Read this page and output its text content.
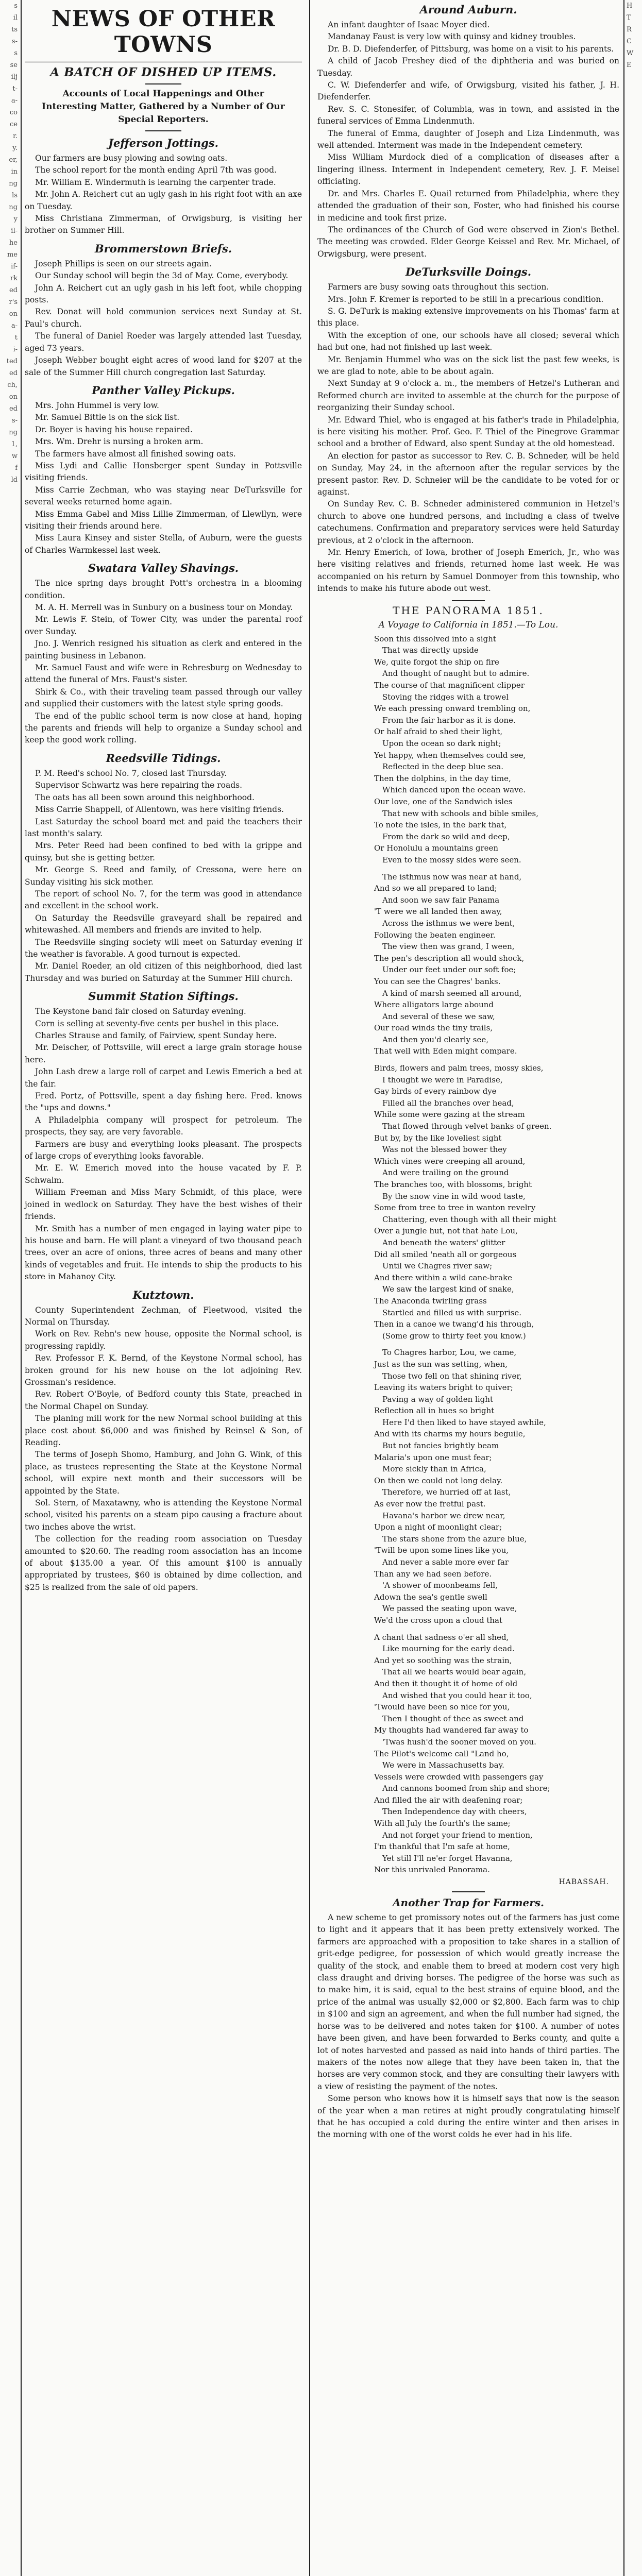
s
il
ts
s-
s
se
ilj
t-
a-
co
ce
r.
y.
er,
in
ng
ls
ng
y
il-
he
me
if-
rk
ed
r's
on
a-
t
i-
ted
ed
ch,
on
ed
s-
ng
1,
w
f
ld
NEWS OF OTHER TOWNS
A BATCH OF DISHED UP ITEMS.
Accounts of Local Happenings and Other Interesting Matter, Gathered by a Number of Our Special Reporters.
Jefferson Jottings.

Our farmers are busy plowing and sowing oats.

The school report for the month ending April 7th was good.

Mr. William E. Windermuth is learning the carpenter trade.

Mr. John A. Reichert cut an ugly gash in his right foot with an axe on Tuesday.

Miss Christiana Zimmerman, of Orwigsburg, is visiting her brother on Summer Hill.

Brommerstown Briefs.

Joseph Phillips is seen on our streets again.

Our Sunday school will begin the 3d of May. Come, everybody.

John A. Reichert cut an ugly gash in his left foot, while chopping posts.

Rev. Donat will hold communion services next Sunday at St. Paul's church.

The funeral of Daniel Roeder was largely attended last Tuesday, aged 73 years.

Joseph Webber bought eight acres of wood land for $207 at the sale of the Summer Hill church congregation last Saturday.

Panther Valley Pickups.

Mrs. John Hummel is very low.

Mr. Samuel Bittle is on the sick list.

Dr. Boyer is having his house repaired.

Mrs. Wm. Drehr is nursing a broken arm.

The farmers have almost all finished sowing oats.

Miss Lydi and Callie Honsberger spent Sunday in Pottsville visiting friends.

Miss Carrie Zechman, who was staying near DeTurksville for several weeks returned home again.

Miss Emma Gabel and Miss Lillie Zimmerman, of Llewllyn, were visiting their friends around here.

Miss Laura Kinsey and sister Stella, of Auburn, were the guests of Charles Warmkessel last week.

Swatara Valley Shavings.

The nice spring days brought Pott's orchestra in a blooming condition.

M. A. H. Merrell was in Sunbury on a business tour on Monday.

Mr. Lewis F. Stein, of Tower City, was under the parental roof over Sunday.

Jno. J. Wenrich resigned his situation as clerk and entered in the painting business in Lebanon.

Mr. Samuel Faust and wife were in Rehresburg on Wednesday to attend the funeral of Mrs. Faust's sister.

Shirk & Co., with their traveling team passed through our valley and supplied their customers with the latest style spring goods.

The end of the public school term is now close at hand, hoping the parents and friends will help to organize a Sunday school and keep the good work rolling.

Reedsville Tidings.

P. M. Reed's school No. 7, closed last Thursday.

Supervisor Schwartz was here repairing the roads.

The oats has all been sown around this neighborhood.

Miss Carrie Shappell, of Allentown, was here visiting friends.

Last Saturday the school board met and paid the teachers their last month's salary.

Mrs. Peter Reed had been confined to bed with la grippe and quinsy, but she is getting better.

Mr. George S. Reed and family, of Cressona, were here on Sunday visiting his sick mother.

The report of school No. 7, for the term was good in attendance and excellent in the school work.

On Saturday the Reedsville graveyard shall be repaired and whitewashed. All members and friends are invited to help.

The Reedsville singing society will meet on Saturday evening if the weather is favorable. A good turnout is expected.

Mr. Daniel Roeder, an old citizen of this neighborhood, died last Thursday and was buried on Saturday at the Summer Hill church.

Summit Station Siftings.

The Keystone band fair closed on Saturday evening.

Corn is selling at seventy-five cents per bushel in this place.

Charles Strause and family, of Fairview, spent Sunday here.

Mr. Deischer, of Pottsville, will erect a large grain storage house here.

John Lash drew a large roll of carpet and Lewis Emerich a bed at the fair.

Fred. Portz, of Pottsville, spent a day fishing here. Fred. knows the "ups and downs."

A Philadelphia company will prospect for petroleum. The prospects, they say, are very favorable.

Farmers are busy and everything looks pleasant. The prospects of large crops of everything looks favorable.

Mr. E. W. Emerich moved into the house vacated by F. P. Schwalm.

William Freeman and Miss Mary Schmidt, of this place, were joined in wedlock on Saturday. They have the best wishes of their friends.

Mr. Smith has a number of men engaged in laying water pipe to his house and barn. He will plant a vineyard of two thousand peach trees, over an acre of onions, three acres of beans and many other kinds of vegetables and fruit. He intends to ship the products to his store in Mahanoy City.

Kutztown.

County Superintendent Zechman, of Fleetwood, visited the Normal on Thursday.

Work on Rev. Rehn's new house, opposite the Normal school, is progressing rapidly.

Rev. Professor F. K. Bernd, of the Keystone Normal school, has broken ground for his new house on the lot adjoining Rev. Grossman's residence.

Rev. Robert O'Boyle, of Bedford county this State, preached in the Normal Chapel on Sunday.

The planing mill work for the new Normal school building at this place cost about $6,000 and was finished by Reinsel & Son, of Reading.

The terms of Joseph Shomo, Hamburg, and John G. Wink, of this place, as trustees representing the State at the Keystone Normal school, will expire next month and their successors will be appointed by the State.

Sol. Stern, of Maxatawny, who is attending the Keystone Normal school, visited his parents on a steam pipo causing a fracture about two inches above the wrist.

The collection for the reading room association on Tuesday amounted to $20.60. The reading room association has an income of about $135.00 a year. Of this amount $100 is annually appropriated by trustees, $60 is obtained by dime collection, and $25 is realized from the sale of old papers.

Around Auburn.

An infant daughter of Isaac Moyer died.

Mandanay Faust is very low with quinsy and kidney troubles.

Dr. B. D. Diefenderfer, of Pittsburg, was home on a visit to his parents.

A child of Jacob Freshey died of the diphtheria and was buried on Tuesday.

C. W. Diefenderfer and wife, of Orwigsburg, visited his father, J. H. Diefenderfer.

Rev. S. C. Stonesifer, of Columbia, was in town, and assisted in the funeral services of Emma Lindenmuth.

The funeral of Emma, daughter of Joseph and Liza Lindenmuth, was well attended. Interment was made in the Independent cemetery.

Miss William Murdock died of a complication of diseases after a lingering illness. Interment in Independent cemetery, Rev. J. F. Meisel officiating.

Dr. and Mrs. Charles E. Quail returned from Philadelphia, where they attended the graduation of their son, Foster, who had finished his course in medicine and took first prize.

The ordinances of the Church of God were observed in Zion's Bethel. The meeting was crowded. Elder George Keissel and Rev. Mr. Michael, of Orwigsburg, were present.

DeTurksville Doings.

Farmers are busy sowing oats throughout this section.

Mrs. John F. Kremer is reported to be still in a precarious condition.

S. G. DeTurk is making extensive improvements on his Thomas' farm at this place.

With the exception of one, our schools have all closed; several which had but one, had not finished up last week.

Mr. Benjamin Hummel who was on the sick list the past few weeks, is we are glad to note, able to be about again.

Next Sunday at 9 o'clock a. m., the members of Hetzel's Lutheran and Reformed church are invited to assemble at the church for the purpose of reorganizing their Sunday school.

Mr. Edward Thiel, who is engaged at his father's trade in Philadelphia, is here visiting his mother. Prof. Geo. F. Thiel of the Pinegrove Grammar school and a brother of Edward, also spent Sunday at the old homestead.

An election for pastor as successor to Rev. C. B. Schneder, will be held on Sunday, May 24, in the afternoon after the regular services by the present pastor. Rev. D. Schneier will be the candidate to be voted for or against.

On Sunday Rev. C. B. Schneder administered communion in Hetzel's church to above one hundred persons, and including a class of twelve catechumens. Confirmation and preparatory services were held Saturday previous, at 2 o'clock in the afternoon.

Mr. Henry Emerich, of Iowa, brother of Joseph Emerich, Jr., who was here visiting relatives and friends, returned home last week. He was accompanied on his return by Samuel Donmoyer from this township, who intends to make his future abode out west.

THE PANORAMA 1851.
A Voyage to California in 1851.—To Lou.
Soon this dissolved into a sight
That was directly upside
We, quite forgot the ship on fire
And thought of naught but to admire.
The course of that magnificent clipper
Stoving the ridges with a trowel
We each pressing onward trembling on,
From the fair harbor as it is done.
Or half afraid to shed their light,
Upon the ocean so dark night;
Yet happy, when themselves could see,
Reflected in the deep blue sea.
Then the dolphins, in the day time,
Which danced upon the ocean wave.
Our love, one of the Sandwich isles
That new with schools and bible smiles,
To note the isles, in the bark that,
From the dark so wild and deep,
Or Honolulu a mountains green
Even to the mossy sides were seen.
The isthmus now was near at hand,
And so we all prepared to land;
And soon we saw fair Panama
'T were we all landed then away,
Across the isthmus we were bent,
Following the beaten engineer.
The view then was grand, I ween,
The pen's description all would shock,
Under our feet under our soft foe;
You can see the Chagres' banks.
A kind of marsh seemed all around,
Where alligators large abound
And several of these we saw,
Our road winds the tiny trails,
And then you'd clearly see,
That well with Eden might compare.
Birds, flowers and palm trees, mossy skies,
I thought we were in Paradise,
Gay birds of every rainbow dye
Filled all the branches over head,
While some were gazing at the stream
That flowed through velvet banks of green.
But by, by the like loveliest sight
Was not the blessed bower they
Which vines were creeping all around,
And were trailing on the ground
The branches too, with blossoms, bright
By the snow vine in wild wood taste,
Some from tree to tree in wanton revelry
Chattering, even though with all their might
Over a jungle hut, not that hate Lou,
And beneath the waters' glitter
Did all smiled 'neath all or gorgeous
Until we Chagres river saw;
And there within a wild cane-brake
We saw the largest kind of snake,
The Anaconda twirling grass
Startled and filled us with surprise.
Then in a canoe we twang'd his through,
(Some grow to thirty feet you know.)
To Chagres harbor, Lou, we came,
Just as the sun was setting, when,
Those two fell on that shining river,
Leaving its waters bright to quiver;
Paving a way of golden light
Reflection all in hues so bright
Here I'd then liked to have stayed awhile,
And with its charms my hours beguile,
But not fancies brightly beam
Malaria's upon one must fear;
More sickly than in Africa,
On then we could not long delay.
Therefore, we hurried off at last,
As ever now the fretful past.
Havana's harbor we drew near,
Upon a night of moonlight clear;
The stars shone from the azure blue,
'Twill be upon some lines like you,
And never a sable more ever far
Than any we had seen before.
'A shower of moonbeams fell,
Adown the sea's gentle swell
We passed the seating upon wave,
We'd the cross upon a cloud that
A chant that sadness o'er all shed,
Like mourning for the early dead.
And yet so soothing was the strain,
That all we hearts would bear again,
And then it thought it of home of old
And wished that you could hear it too,
'Twould have been so nice for you,
Then I thought of thee as sweet and
My thoughts had wandered far away to
'Twas hush'd the sooner moved on you.
The Pilot's welcome call "Land ho,
We were in Massachusetts bay.
Vessels were crowded with passengers gay
And cannons boomed from ship and shore;
And filled the air with deafening roar;
Then Independence day with cheers,
With all July the fourth's the same;
And not forget your friend to mention,
I'm thankful that I'm safe at home,
Yet still I'll ne'er forget Havanna,
Nor this unrivaled Panorama.
HABASSAH.
Another Trap for Farmers.

A new scheme to get promissory notes out of the farmers has just come to light and it appears that it has been pretty extensively worked. The farmers are approached with a proposition to take shares in a stallion of grit-edge pedigree, for possession of which would greatly increase the quality of the stock, and enable them to breed at modern cost very high class draught and driving horses. The pedigree of the horse was such as to make him, it is said, equal to the best strains of equine blood, and the price of the animal was usually $2,000 or $2,800. Each farm was to chip in $100 and sign an agreement, and when the full number had signed, the horse was to be delivered and notes taken for $100. A number of notes have been given, and have been forwarded to Berks county, and quite a lot of notes harvested and passed as naid into hands of third parties. The makers of the notes now allege that they have been taken in, that the horses are very common stock, and they are consulting their lawyers with a view of resisting the payment of the notes.

Some person who knows how it is himself says that now is the season of the year when a man retires at night proudly congratulating himself that he has occupied a cold during the entire winter and then arises in the morning with one of the worst colds he ever had in his life.

H
T
R
C
W
E
